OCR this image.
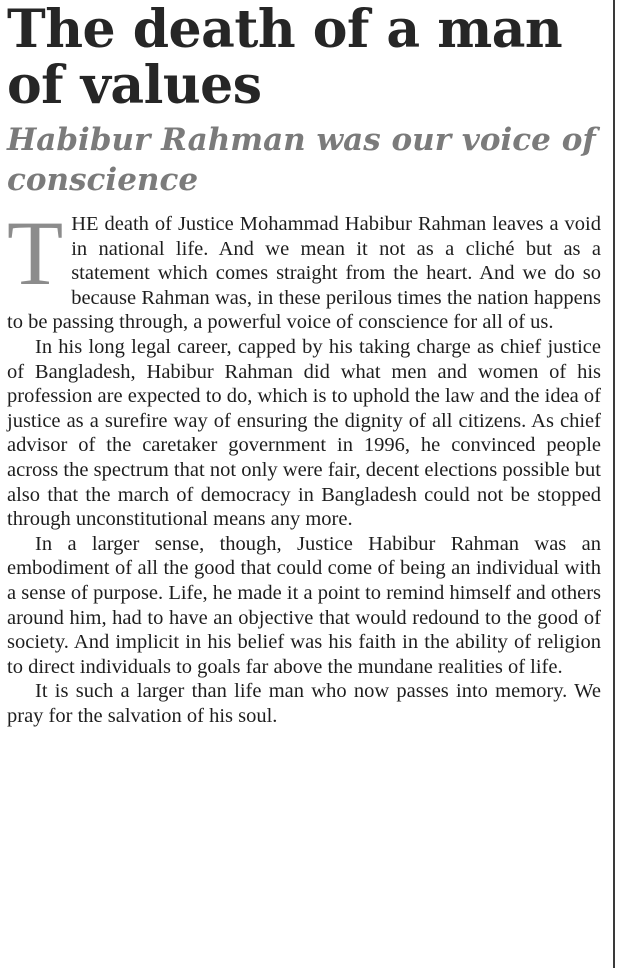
The death of a man of values
Habibur Rahman was our voice of conscience

THE death of Justice Mohammad Habibur Rahman leaves a void in national life. And we mean it not as a cliché but as a statement which comes straight from the heart. And we do so because Rahman was, in these perilous times the nation happens to be passing through, a powerful voice of conscience for all of us.

In his long legal career, capped by his taking charge as chief justice of Bangladesh, Habibur Rahman did what men and women of his profession are expected to do, which is to uphold the law and the idea of justice as a surefire way of ensuring the dignity of all citizens. As chief advisor of the caretaker government in 1996, he convinced people across the spectrum that not only were fair, decent elections possible but also that the march of democracy in Bangladesh could not be stopped through unconstitutional means any more.

In a larger sense, though, Justice Habibur Rahman was an embodiment of all the good that could come of being an individual with a sense of purpose. Life, he made it a point to remind himself and others around him, had to have an objective that would redound to the good of society. And implicit in his belief was his faith in the ability of religion to direct individuals to goals far above the mundane realities of life.

It is such a larger than life man who now passes into memory. We pray for the salvation of his soul.
